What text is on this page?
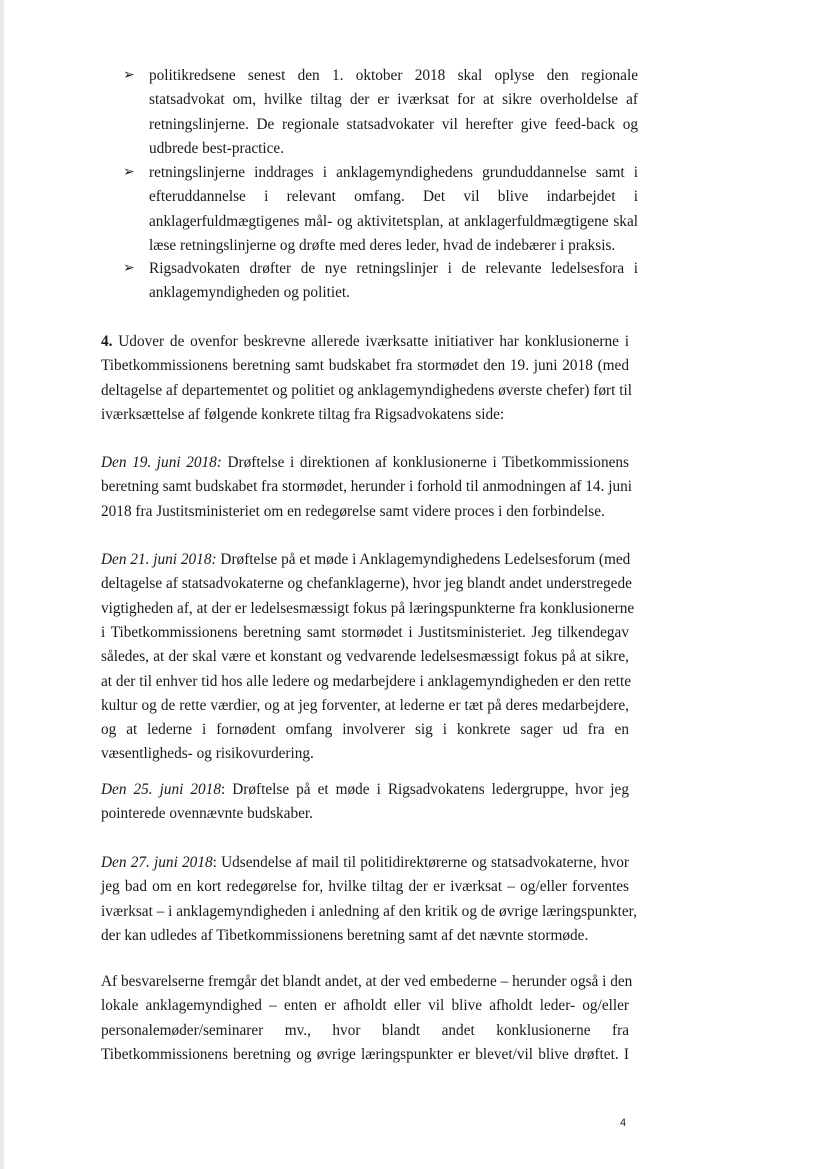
➢ politikredsene senest den 1. oktober 2018 skal oplyse den regionale
statsadvokat om, hvilke tiltag der er iværksat for at sikre overholdelse af
retningslinjerne. De regionale statsadvokater vil herefter give feed-back og
udbrede best-practice.
➢ retningslinjerne inddrages i anklagemyndighedens grunduddannelse samt i
efteruddannelse i relevant omfang. Det vil blive indarbejdet i
anklagerfuldmægtigenes mål- og aktivitetsplan, at anklagerfuldmægtigene skal
læse retningslinjerne og drøfte med deres leder, hvad de indebærer i praksis.
➢ Rigsadvokaten drøfter de nye retningslinjer i de relevante ledelsesfora i
anklagemyndigheden og politiet.
4. Udover de ovenfor beskrevne allerede iværksatte initiativer har konklusionerne i
Tibetkommissionens beretning samt budskabet fra stormødet den 19. juni 2018 (med
deltagelse af departementet og politiet og anklagemyndighedens øverste chefer) ført til
iværksættelse af følgende konkrete tiltag fra Rigsadvokatens side:
Den 19. juni 2018: Drøftelse i direktionen af konklusionerne i Tibetkommissionens
beretning samt budskabet fra stormødet, herunder i forhold til anmodningen af 14. juni
2018 fra Justitsministeriet om en redegørelse samt videre proces i den forbindelse.
Den 21. juni 2018: Drøftelse på et møde i Anklagemyndighedens Ledelsesforum (med
deltagelse af statsadvokaterne og chefanklagerne), hvor jeg blandt andet understregede
vigtigheden af, at der er ledelsesmæssigt fokus på læringspunkterne fra konklusionerne
i Tibetkommissionens beretning samt stormødet i Justitsministeriet. Jeg tilkendegav
således, at der skal være et konstant og vedvarende ledelsesmæssigt fokus på at sikre,
at der til enhver tid hos alle ledere og medarbejdere i anklagemyndigheden er den rette
kultur og de rette værdier, og at jeg forventer, at lederne er tæt på deres medarbejdere,
og at lederne i fornødent omfang involverer sig i konkrete sager ud fra en
væsentligheds- og risikovurdering.
Den 25. juni 2018: Drøftelse på et møde i Rigsadvokatens ledergruppe, hvor jeg
pointerede ovennævnte budskaber.
Den 27. juni 2018: Udsendelse af mail til politidirektørerne og statsadvokaterne, hvor
jeg bad om en kort redegørelse for, hvilke tiltag der er iværksat – og/eller forventes
iværksat – i anklagemyndigheden i anledning af den kritik og de øvrige læringspunkter,
der kan udledes af Tibetkommissionens beretning samt af det nævnte stormøde.
Af besvarelserne fremgår det blandt andet, at der ved embederne – herunder også i den
lokale anklagemyndighed – enten er afholdt eller vil blive afholdt leder- og/eller
personalemøder/seminarer mv., hvor blandt andet konklusionerne fra
Tibetkommissionens beretning og øvrige læringspunkter er blevet/vil blive drøftet. I
4
